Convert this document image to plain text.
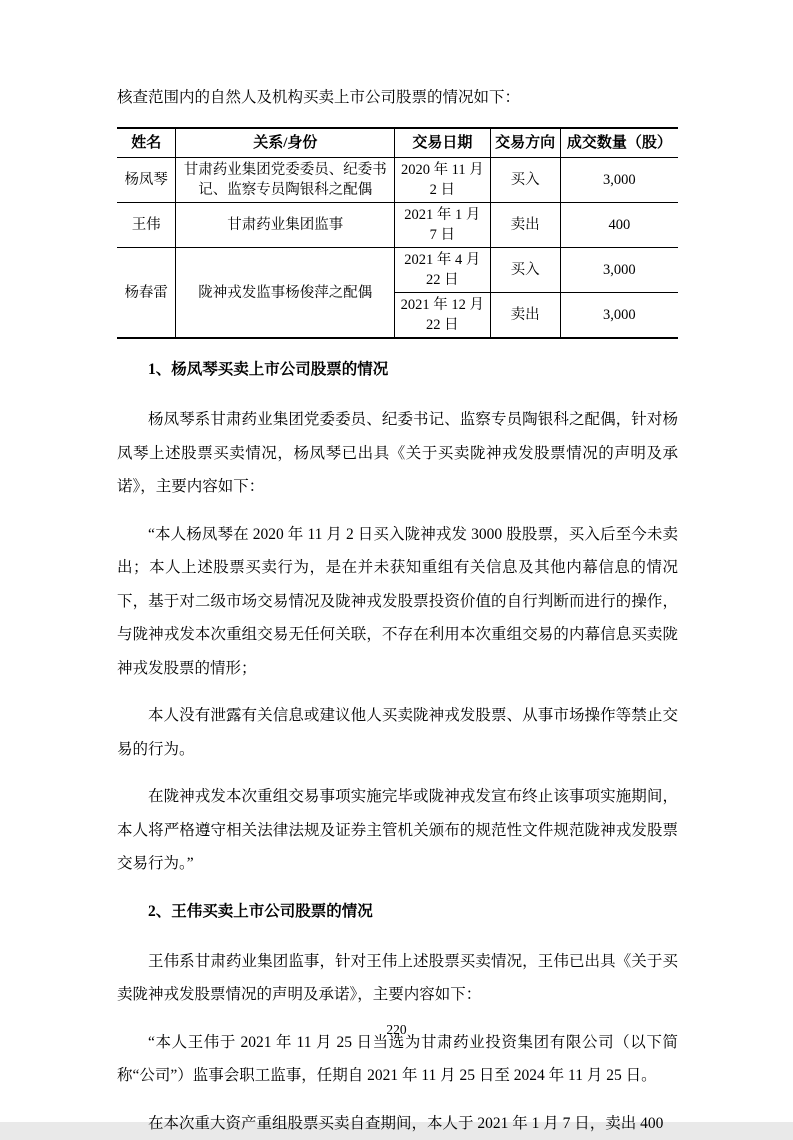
核查范围内的自然人及机构买卖上市公司股票的情况如下：

姓名	关系/身份	交易日期	交易方向	成交数量（股）
杨凤琴	甘肃药业集团党委委员、纪委书记、监察专员陶银科之配偶	2020 年 11 月 2 日	买入	3,000
王伟	甘肃药业集团监事	2021 年 1 月 7 日	卖出	400
杨春雷	陇神戎发监事杨俊萍之配偶	2021 年 4 月 22 日	买入	3,000
		2021 年 12 月 22 日	卖出	3,000
1、杨凤琴买卖上市公司股票的情况

杨凤琴系甘肃药业集团党委委员、纪委书记、监察专员陶银科之配偶，针对杨凤琴上述股票买卖情况，杨凤琴已出具《关于买卖陇神戎发股票情况的声明及承诺》，主要内容如下：

“本人杨凤琴在 2020 年 11 月 2 日买入陇神戎发 3000 股股票，买入后至今未卖出；本人上述股票买卖行为，是在并未获知重组有关信息及其他内幕信息的情况下，基于对二级市场交易情况及陇神戎发股票投资价值的自行判断而进行的操作，与陇神戎发本次重组交易无任何关联，不存在利用本次重组交易的内幕信息买卖陇神戎发股票的情形；

本人没有泄露有关信息或建议他人买卖陇神戎发股票、从事市场操作等禁止交易的行为。

在陇神戎发本次重组交易事项实施完毕或陇神戎发宣布终止该事项实施期间，本人将严格遵守相关法律法规及证券主管机关颁布的规范性文件规范陇神戎发股票交易行为。”

2、王伟买卖上市公司股票的情况

王伟系甘肃药业集团监事，针对王伟上述股票买卖情况，王伟已出具《关于买卖陇神戎发股票情况的声明及承诺》，主要内容如下：

“本人王伟于 2021 年 11 月 25 日当选为甘肃药业投资集团有限公司（以下简称“公司”）监事会职工监事，任期自 2021 年 11 月 25 日至 2024 年 11 月 25 日。

在本次重大资产重组股票买卖自查期间，本人于 2021 年 1 月 7 日，卖出 400

220
